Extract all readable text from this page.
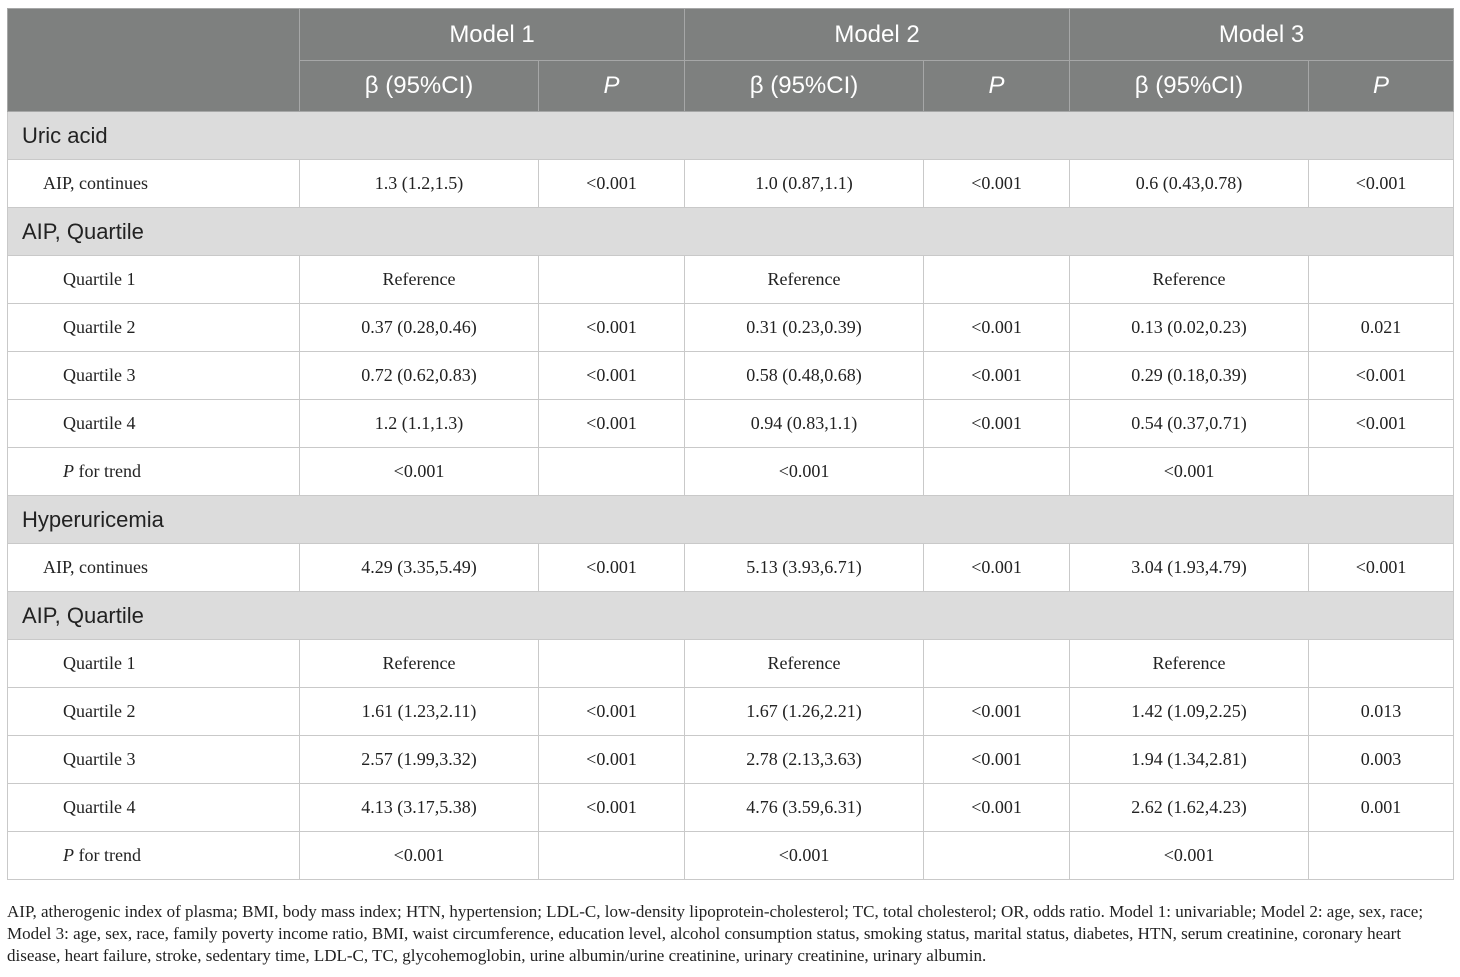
	Model 1		Model 2		Model 3	
	β (95%CI)	P	β (95%CI)	P	β (95%CI)	P
Uric acid						
AIP, continues	1.3 (1.2,1.5)	<0.001	1.0 (0.87,1.1)	<0.001	0.6 (0.43,0.78)	<0.001
AIP, Quartile						
Quartile 1	Reference		Reference		Reference	
Quartile 2	0.37 (0.28,0.46)	<0.001	0.31 (0.23,0.39)	<0.001	0.13 (0.02,0.23)	0.021
Quartile 3	0.72 (0.62,0.83)	<0.001	0.58 (0.48,0.68)	<0.001	0.29 (0.18,0.39)	<0.001
Quartile 4	1.2 (1.1,1.3)	<0.001	0.94 (0.83,1.1)	<0.001	0.54 (0.37,0.71)	<0.001
P for trend	<0.001		<0.001		<0.001	
Hyperuricemia						
AIP, continues	4.29 (3.35,5.49)	<0.001	5.13 (3.93,6.71)	<0.001	3.04 (1.93,4.79)	<0.001
AIP, Quartile						
Quartile 1	Reference		Reference		Reference	
Quartile 2	1.61 (1.23,2.11)	<0.001	1.67 (1.26,2.21)	<0.001	1.42 (1.09,2.25)	0.013
Quartile 3	2.57 (1.99,3.32)	<0.001	2.78 (2.13,3.63)	<0.001	1.94 (1.34,2.81)	0.003
Quartile 4	4.13 (3.17,5.38)	<0.001	4.76 (3.59,6.31)	<0.001	2.62 (1.62,4.23)	0.001
P for trend	<0.001		<0.001		<0.001	

AIP, atherogenic index of plasma; BMI, body mass index; HTN, hypertension; LDL-C, low-density lipoprotein-cholesterol; TC, total cholesterol; OR, odds ratio. Model 1: univariable; Model 2: age, sex, race; Model 3: age, sex, race, family poverty income ratio, BMI, waist circumference, education level, alcohol consumption status, smoking status, marital status, diabetes, HTN, serum creatinine, coronary heart disease, heart failure, stroke, sedentary time, LDL-C, TC, glycohemoglobin, urine albumin/urine creatinine, urinary creatinine, urinary albumin.
